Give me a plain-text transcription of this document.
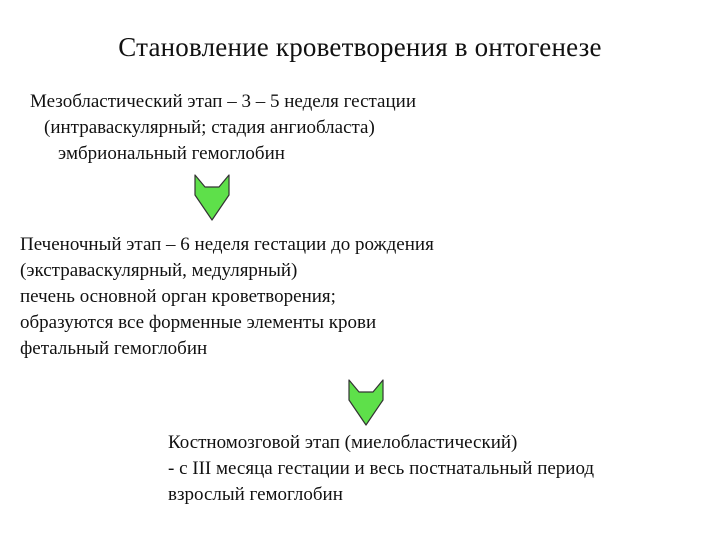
Становление кроветворения в онтогенезе
Мезобластический этап – 3 – 5 неделя гестации
(интраваскулярный; стадия ангиобласта)
эмбриональный гемоглобин
Печеночный этап – 6 неделя гестации до рождения
(экстраваскулярный, медулярный)
печень основной орган кроветворения;
образуются все форменные элементы крови
фетальный гемоглобин
Костномозговой этап (миелобластический)
- с III месяца гестации и весь постнатальный период
взрослый гемоглобин
